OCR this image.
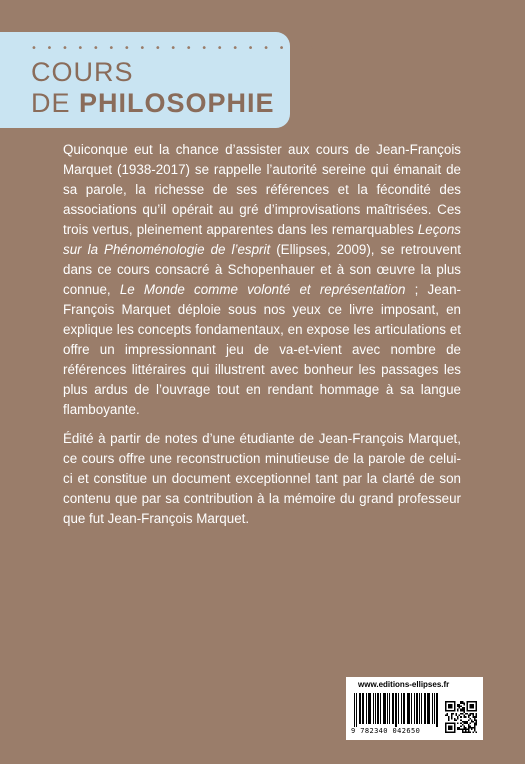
• • • • • • • • • • • • • • • • • • • •
COURS
DE PHILOSOPHIE

Quiconque eut la chance d’assister aux cours de Jean-François Marquet (1938-2017) se rappelle l’autorité sereine qui émanait de sa parole, la richesse de ses références et la fécondité des associations qu’il opérait au gré d’improvisations maîtrisées. Ces trois vertus, pleinement apparentes dans les remarquables Leçons sur la Phénoménologie de l’esprit (Ellipses, 2009), se retrouvent dans ce cours consacré à Schopenhauer et à son œuvre la plus connue, Le Monde comme volonté et représentation ; Jean-François Marquet déploie sous nos yeux ce livre imposant, en explique les concepts fondamentaux, en expose les articulations et offre un impressionnant jeu de va-et-vient avec nombre de références littéraires qui illustrent avec bonheur les passages les plus ardus de l’ouvrage tout en rendant hommage à sa langue flamboyante.

Édité à partir de notes d’une étudiante de Jean-François Marquet, ce cours offre une reconstruction minutieuse de la parole de celui-ci et constitue un document exceptionnel tant par la clarté de son contenu que par sa contribution à la mémoire du grand professeur que fut Jean-François Marquet.

www.editions-ellipses.fr
9 782340 042650
